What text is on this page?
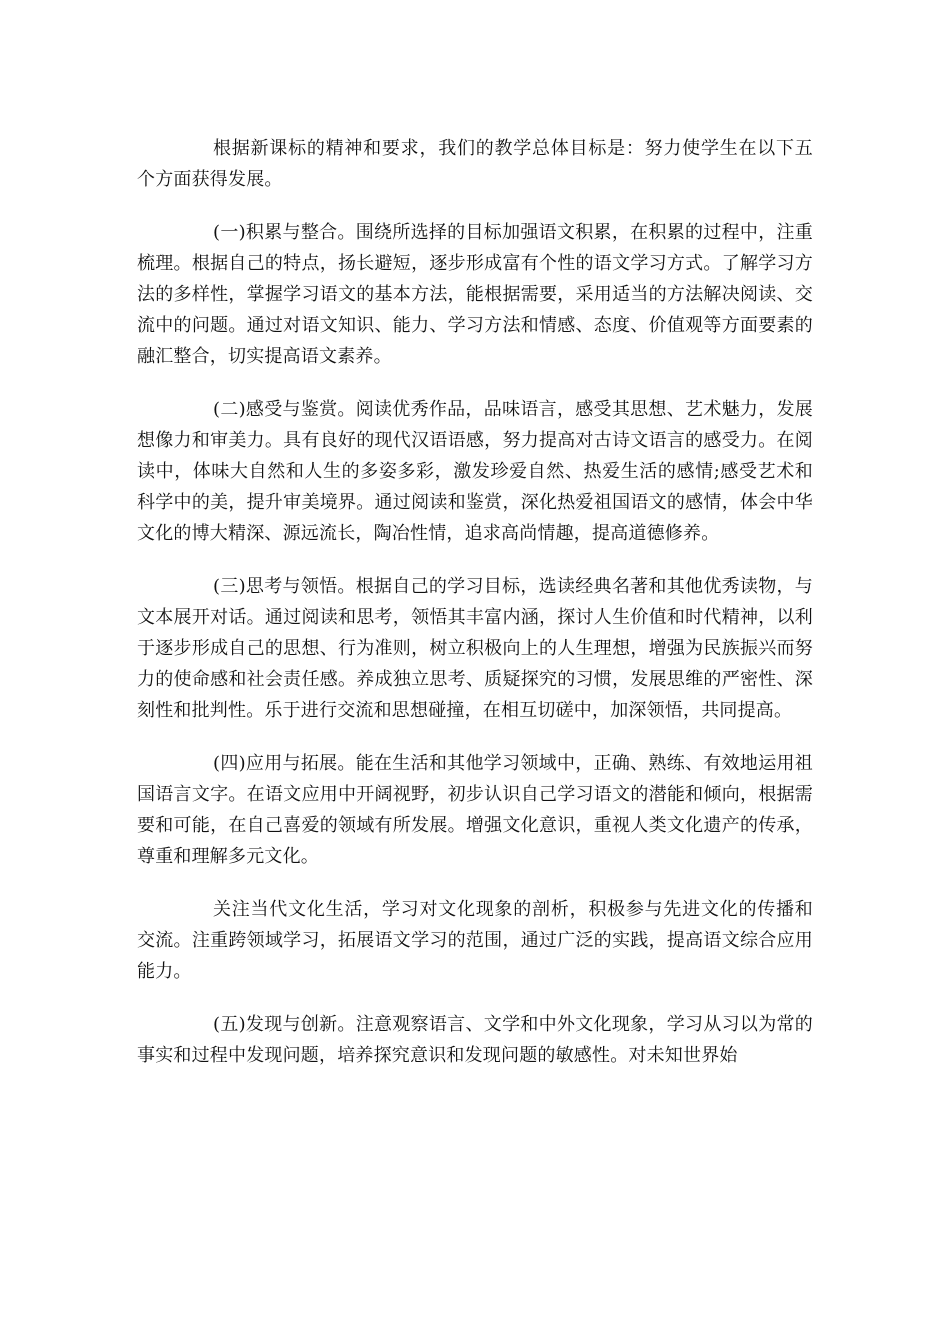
根据新课标的精神和要求，我们的教学总体目标是：努力使学生在以下五个方面获得发展。

(一)积累与整合。围绕所选择的目标加强语文积累，在积累的过程中，注重梳理。根据自己的特点，扬长避短，逐步形成富有个性的语文学习方式。了解学习方法的多样性，掌握学习语文的基本方法，能根据需要，采用适当的方法解决阅读、交流中的问题。通过对语文知识、能力、学习方法和情感、态度、价值观等方面要素的融汇整合，切实提高语文素养。

(二)感受与鉴赏。阅读优秀作品，品味语言，感受其思想、艺术魅力，发展想像力和审美力。具有良好的现代汉语语感，努力提高对古诗文语言的感受力。在阅读中，体味大自然和人生的多姿多彩，激发珍爱自然、热爱生活的感情;感受艺术和科学中的美，提升审美境界。通过阅读和鉴赏，深化热爱祖国语文的感情，体会中华文化的博大精深、源远流长，陶冶性情，追求高尚情趣，提高道德修养。

(三)思考与领悟。根据自己的学习目标，选读经典名著和其他优秀读物，与文本展开对话。通过阅读和思考，领悟其丰富内涵，探讨人生价值和时代精神，以利于逐步形成自己的思想、行为准则，树立积极向上的人生理想，增强为民族振兴而努力的使命感和社会责任感。养成独立思考、质疑探究的习惯，发展思维的严密性、深刻性和批判性。乐于进行交流和思想碰撞，在相互切磋中，加深领悟，共同提高。

(四)应用与拓展。能在生活和其他学习领域中，正确、熟练、有效地运用祖国语言文字。在语文应用中开阔视野，初步认识自己学习语文的潜能和倾向，根据需要和可能，在自己喜爱的领域有所发展。增强文化意识，重视人类文化遗产的传承，尊重和理解多元文化。

关注当代文化生活，学习对文化现象的剖析，积极参与先进文化的传播和交流。注重跨领域学习，拓展语文学习的范围，通过广泛的实践，提高语文综合应用能力。

(五)发现与创新。注意观察语言、文学和中外文化现象，学习从习以为常的事实和过程中发现问题，培养探究意识和发现问题的敏感性。对未知世界始
